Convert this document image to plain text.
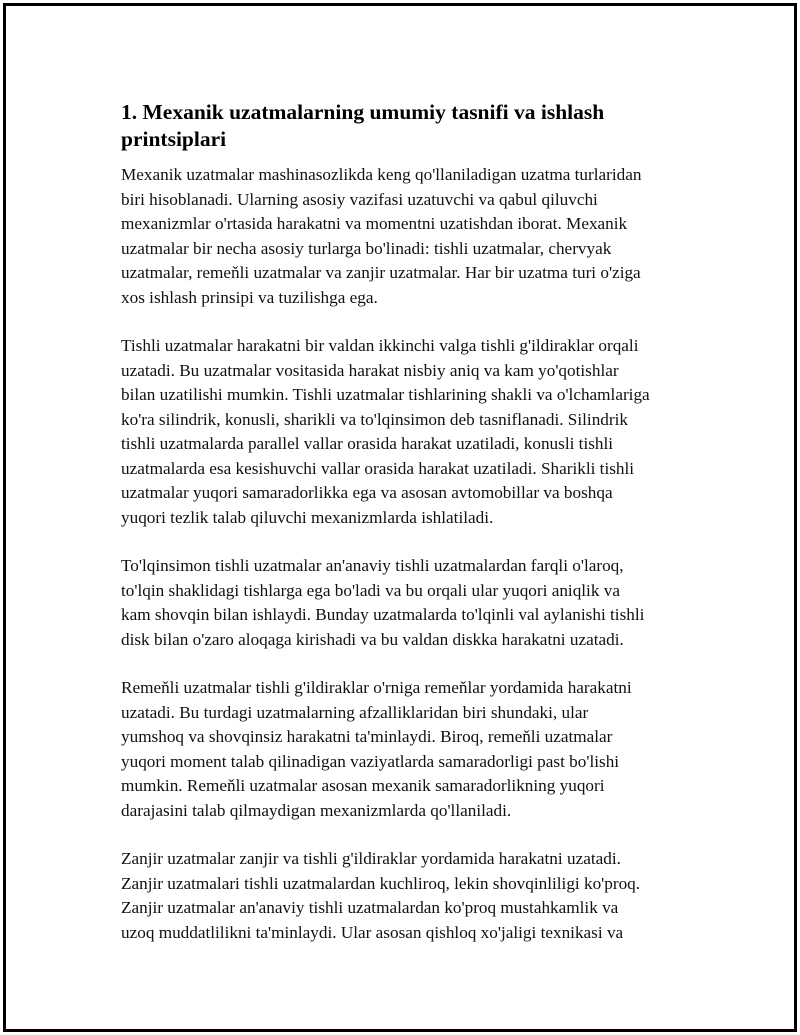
1. Mexanik uzatmalarning umumiy tasnifi va ishlash printsiplari

Mexanik uzatmalar mashinasozlikda keng qo'llaniladigan uzatma turlaridan
biri hisoblanadi. Ularning asosiy vazifasi uzatuvchi va qabul qiluvchi
mexanizmlar o'rtasida harakatni va momentni uzatishdan iborat. Mexanik
uzatmalar bir necha asosiy turlarga bo'linadi: tishli uzatmalar, chervyak
uzatmalar, remeňli uzatmalar va zanjir uzatmalar. Har bir uzatma turi o'ziga
xos ishlash prinsipi va tuzilishga ega.

Tishli uzatmalar harakatni bir valdan ikkinchi valga tishli g'ildiraklar orqali
uzatadi. Bu uzatmalar vositasida harakat nisbiy aniq va kam yo'qotishlar
bilan uzatilishi mumkin. Tishli uzatmalar tishlarining shakli va o'lchamlariga
ko'ra silindrik, konusli, sharikli va to'lqinsimon deb tasniflanadi. Silindrik
tishli uzatmalarda parallel vallar orasida harakat uzatiladi, konusli tishli
uzatmalarda esa kesishuvchi vallar orasida harakat uzatiladi. Sharikli tishli
uzatmalar yuqori samaradorlikka ega va asosan avtomobillar va boshqa
yuqori tezlik talab qiluvchi mexanizmlarda ishlatiladi.

To'lqinsimon tishli uzatmalar an'anaviy tishli uzatmalardan farqli o'laroq,
to'lqin shaklidagi tishlarga ega bo'ladi va bu orqali ular yuqori aniqlik va
kam shovqin bilan ishlaydi. Bunday uzatmalarda to'lqinli val aylanishi tishli
disk bilan o'zaro aloqaga kirishadi va bu valdan diskka harakatni uzatadi.

Remeňli uzatmalar tishli g'ildiraklar o'rniga remeňlar yordamida harakatni
uzatadi. Bu turdagi uzatmalarning afzalliklaridan biri shundaki, ular
yumshoq va shovqinsiz harakatni ta'minlaydi. Biroq, remeňli uzatmalar
yuqori moment talab qilinadigan vaziyatlarda samaradorligi past bo'lishi
mumkin. Remeňli uzatmalar asosan mexanik samaradorlikning yuqori
darajasini talab qilmaydigan mexanizmlarda qo'llaniladi.

Zanjir uzatmalar zanjir va tishli g'ildiraklar yordamida harakatni uzatadi.
Zanjir uzatmalari tishli uzatmalardan kuchliroq, lekin shovqinliligi ko'proq.
Zanjir uzatmalar an'anaviy tishli uzatmalardan ko'proq mustahkamlik va
uzoq muddatlilikni ta'minlaydi. Ular asosan qishloq xo'jaligi texnikasi va
